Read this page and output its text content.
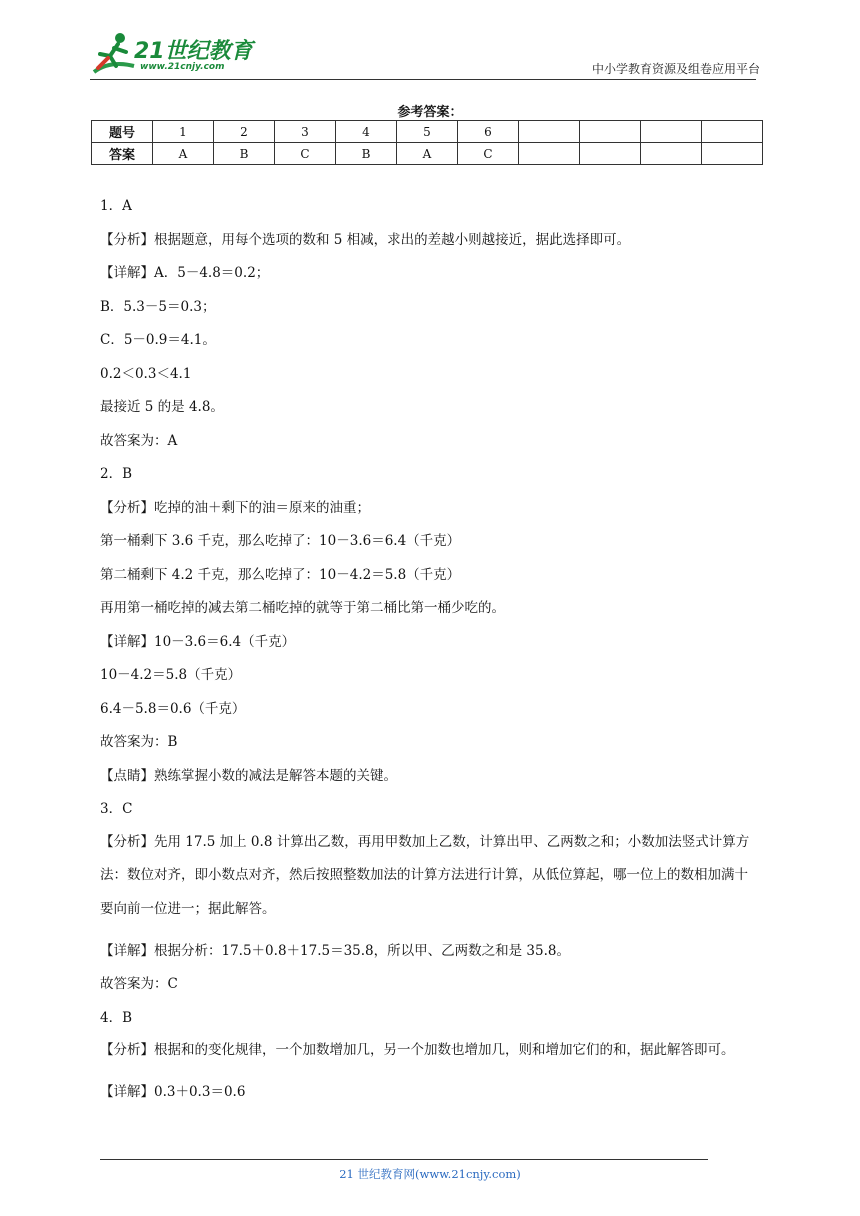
21世纪教育
www.21cnjy.com	中小学教育资源及组卷应用平台
参考答案：
题号	1	2	3	4	5	6				
答案	A	B	C	B	A	C				
1．A
【分析】根据题意，用每个选项的数和 5 相减，求出的差越小则越接近，据此选择即可。
【详解】A．5－4.8＝0.2；
B．5.3－5＝0.3；
C．5－0.9＝4.1。
0.2＜0.3＜4.1
最接近 5 的是 4.8。
故答案为：A
2．B
【分析】吃掉的油＋剩下的油＝原来的油重；
第一桶剩下 3.6 千克，那么吃掉了：10－3.6＝6.4（千克）
第二桶剩下 4.2 千克，那么吃掉了：10－4.2＝5.8（千克）
再用第一桶吃掉的减去第二桶吃掉的就等于第二桶比第一桶少吃的。
【详解】10－3.6＝6.4（千克）
10－4.2＝5.8（千克）
6.4－5.8＝0.6（千克）
故答案为：B
【点睛】熟练掌握小数的减法是解答本题的关键。
3．C
【分析】先用 17.5 加上 0.8 计算出乙数，再用甲数加上乙数，计算出甲、乙两数之和；小数加法竖式计算方法：数位对齐，即小数点对齐，然后按照整数加法的计算方法进行计算，从低位算起，哪一位上的数相加满十要向前一位进一；据此解答。
【详解】根据分析：17.5＋0.8＋17.5＝35.8，所以甲、乙两数之和是 35.8。
故答案为：C
4．B
【分析】根据和的变化规律，一个加数增加几，另一个加数也增加几，则和增加它们的和，据此解答即可。
【详解】0.3＋0.3＝0.6
21 世纪教育网(www.21cnjy.com)
